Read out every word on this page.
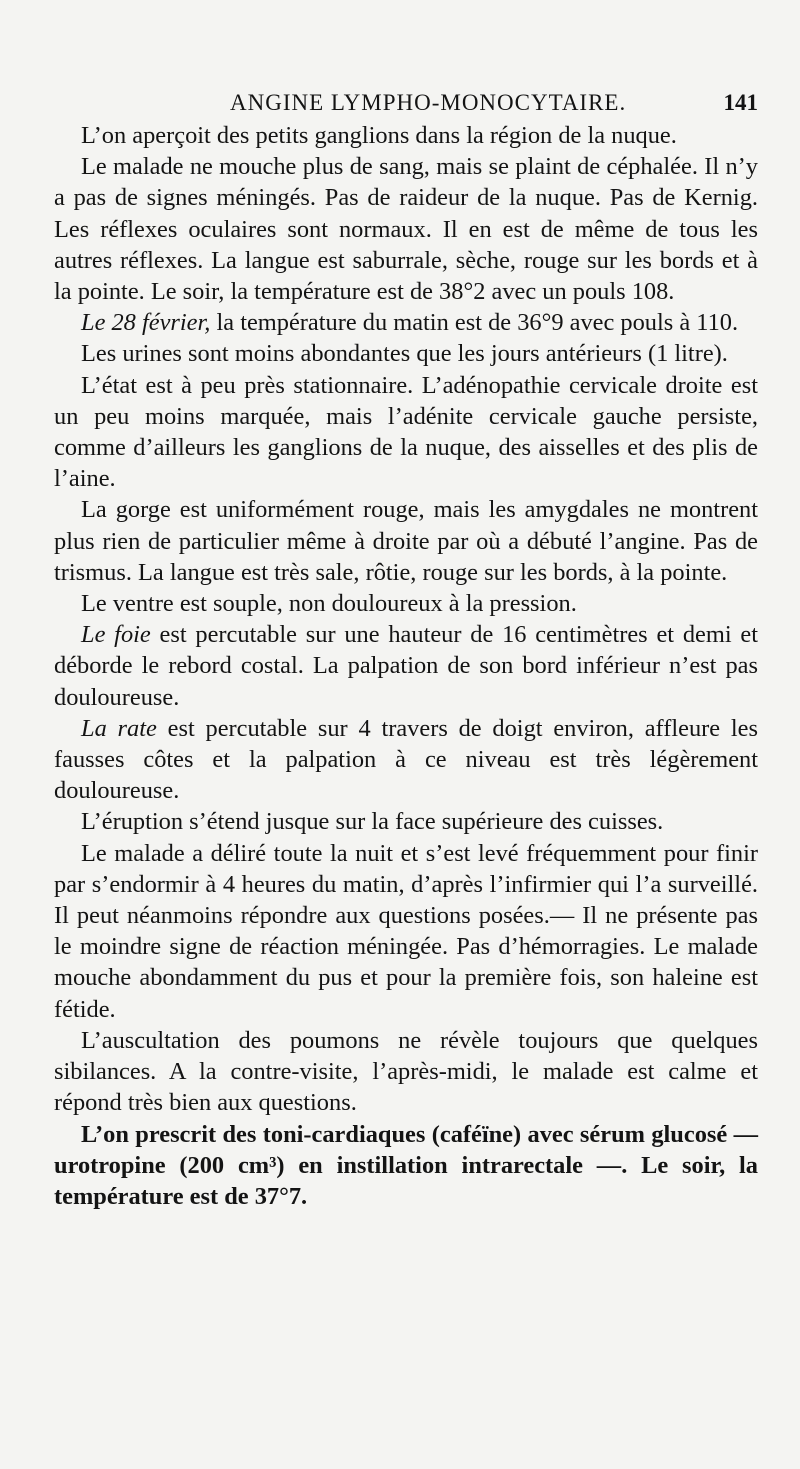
ANGINE LYMPHO-MONOCYTAIRE.	141

L’on aperçoit des petits ganglions dans la région de la nuque.

Le malade ne mouche plus de sang, mais se plaint de céphalée. Il n’y a pas de signes méningés. Pas de raideur de la nuque. Pas de Kernig. Les réflexes oculaires sont normaux. Il en est de même de tous les autres réflexes. La langue est saburrale, sèche, rouge sur les bords et à la pointe. Le soir, la température est de 38°2 avec un pouls 108.

Le 28 février, la température du matin est de 36°9 avec pouls à 110.

Les urines sont moins abondantes que les jours antérieurs (1 litre).

L’état est à peu près stationnaire. L’adénopathie cervicale droite est un peu moins marquée, mais l’adénite cervicale gauche persiste, comme d’ailleurs les ganglions de la nuque, des aisselles et des plis de l’aine.

La gorge est uniformément rouge, mais les amygdales ne montrent plus rien de particulier même à droite par où a débuté l’angine. Pas de trismus. La langue est très sale, rôtie, rouge sur les bords, à la pointe.

Le ventre est souple, non douloureux à la pression.

Le foie est percutable sur une hauteur de 16 centimètres et demi et déborde le rebord costal. La palpation de son bord inférieur n’est pas douloureuse.

La rate est percutable sur 4 travers de doigt environ, affleure les fausses côtes et la palpation à ce niveau est très légèrement douloureuse.

L’éruption s’étend jusque sur la face supérieure des cuisses.

Le malade a déliré toute la nuit et s’est levé fréquemment pour finir par s’endormir à 4 heures du matin, d’après l’infirmier qui l’a surveillé. Il peut néanmoins répondre aux questions posées.— Il ne présente pas le moindre signe de réaction méningée. Pas d’hémorragies. Le malade mouche abondamment du pus et pour la première fois, son haleine est fétide.

L’auscultation des poumons ne révèle toujours que quelques sibilances. A la contre-visite, l’après-midi, le malade est calme et répond très bien aux questions.

L’on prescrit des toni-cardiaques (caféïne) avec sérum glucosé — urotropine (200 cm³) en instillation intrarectale —. Le soir, la température est de 37°7.
